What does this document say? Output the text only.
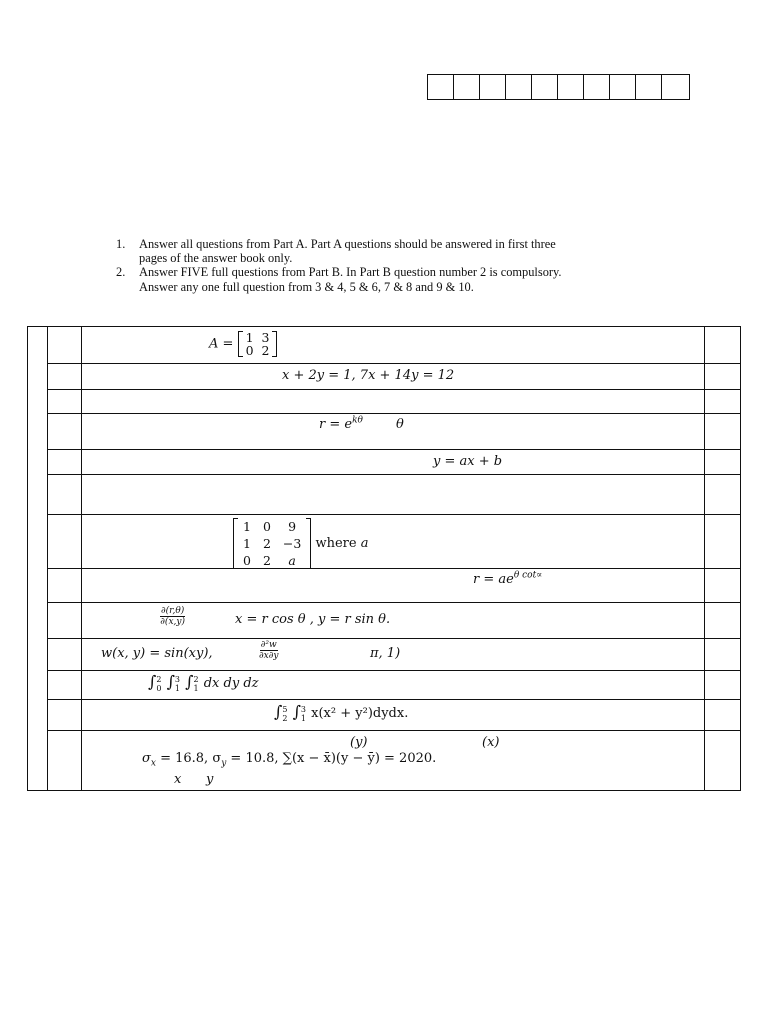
1.	Answer all questions from Part A. Part A questions should be answered in first three
pages of the answer book only.
2.	Answer FIVE full questions from Part B. In Part B question number 2 is compulsory.
Answer any one full question from 3 & 4, 5 & 6, 7 & 8 and 9 & 10.

A = 1	3
0	2

x + 2y = 1, 7x + 14y = 12

$r = e^{k\theta}$	θ

y = ax + b

1	0	9
1	2	−3
0	2	a
where a

$r = ae^{\theta cot\propto}$

$\frac{\partial(r,\theta)}{\partial(x,y)}$	x = r cos θ , y = r sin θ.

w(x, y) = sin(xy),	$\frac{\text{∂²w}}{\partial x\partial y}$	π, 1)

∫ 2
0 ∫ 3
1 ∫ 2
1 dx dy dz

∫ 5
2 ∫ 3
1 x(x² + y²)dydx.

(y)	(x)
$\sigma_x = 16.8$, $\sigma_y = 10.8$, ∑(x − x̄)(y − ȳ) = 2020.
x y
